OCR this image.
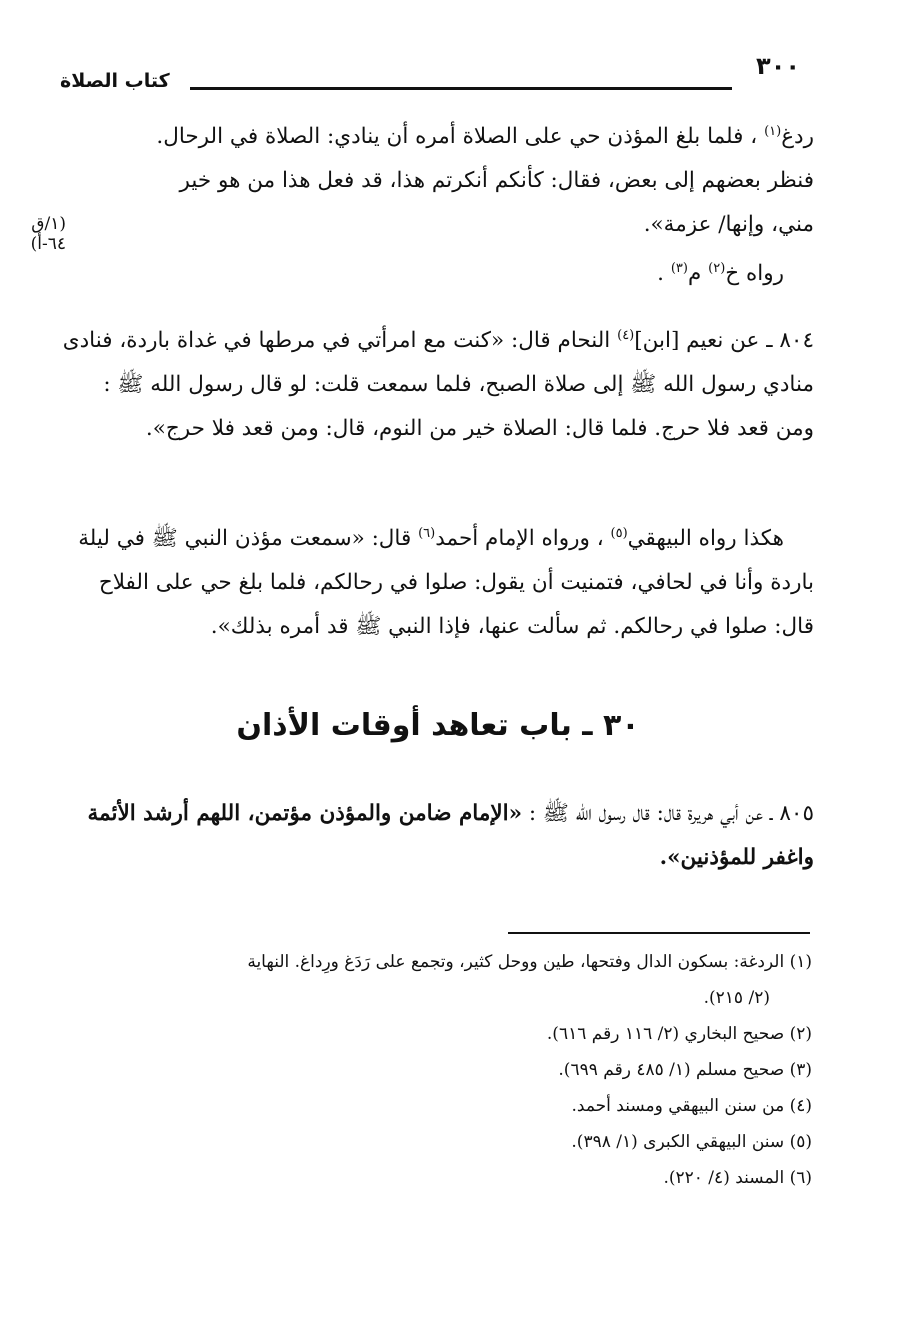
٣٠٠
كتاب الصلاة

ردغ$^{(١)}$ ، فلما بلغ المؤذن حي على الصلاة أمره أن ينادي: الصلاة في الرحال.

فنظر بعضهم إلى بعض، فقال: كأنكم أنكرتم هذا، قد فعل هذا من هو خير

مني، وإنها/ عزمة».

رواه خ$^{(٢)}$ م$^{(٣)}$ .

(١/ق ٦٤-أ)

٨٠٤ ـ عن نعيم [ابن]$^{(٤)}$ النحام قال: «كنت مع امرأتي في مرطها في غداة باردة، فنادى منادي رسول الله ﷺ إلى صلاة الصبح، فلما سمعت قلت: لو قال رسول الله ﷺ : ومن قعد فلا حرج. فلما قال: الصلاة خير من النوم، قال: ومن قعد فلا حرج».

هكذا رواه البيهقي$^{(٥)}$ ، ورواه الإمام أحمد$^{(٦)}$ قال: «سمعت مؤذن النبي ﷺ في ليلة باردة وأنا في لحافي، فتمنيت أن يقول: صلوا في رحالكم، فلما بلغ حي على الفلاح قال: صلوا في رحالكم. ثم سألت عنها، فإذا النبي ﷺ قد أمره بذلك».

٣٠ ـ باب تعاهد أوقات الأذان

٨٠٥ ـ عن أبي هريرة قال: قال رسول الله ﷺ : «الإمام ضامن والمؤذن مؤتمن، اللهم أرشد الأئمة واغفر للمؤذنين».

(١) الردغة: بسكون الدال وفتحها، طين ووحل كثير، وتجمع على رَدَغ ورِداغ. النهاية

(٢/ ٢١٥).

(٢) صحيح البخاري (٢/ ١١٦ رقم ٦١٦).

(٣) صحيح مسلم (١/ ٤٨٥ رقم ٦٩٩).

(٤) من سنن البيهقي ومسند أحمد.

(٥) سنن البيهقي الكبرى (١/ ٣٩٨).

(٦) المسند (٤/ ٢٢٠).
